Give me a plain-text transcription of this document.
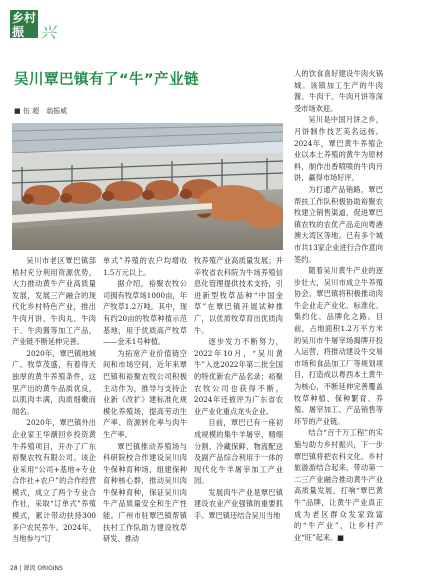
乡村
振 兴
吴川覃巴镇有了“牛”产业链
■ 伍 超　翁振威

吴川市老区覃巴镇部梧村充分利用资源优势，大力推动黄牛产业高质量发展，发展三产融合的现代化乡村特色产业，推出牛肉月饼、牛肉丸、牛肉干、牛肉酱等加工产品，产业链不断延伸完善。

2020年，覃巴镇地域广、牧草茂盛，有着得天独厚的黄牛养殖条件，这里产出的黄牛品质优良，以肌肉丰满，肉质细嫩而闻名。

2020年，覃巴镇外出企业家王华潮回乡投资黄牛养殖项目，开办了广东裕聚农牧有限公司。该企业采用“公司+基地+专业合作社+农户”的合作经营模式，成立了两个专业合作社，采取“订单式”养殖模式，累计带动扶持300多户农民养牛。2024年，当地参与“订

单式”养殖的农户均增收1.5万元以上。

据介绍，裕聚农牧公司拥有牧草场1000亩，年产牧草1.2万吨。其中，现有约20亩的牧草种植示范基地，用于优质高产牧草——金禾1号种植。

为拓宽产业价值链空间和市场空间，近年来覃巴镇和裕聚农牧公司积极主动作为，推导与支持企业新《改扩》建标准化规模化养殖场，提高劳动生产率、资源转化率与肉牛生产率。

覃巴镇推动养殖场与科研院校合作建设吴川肉牛保种育种场，组建保种育种核心群，推动吴川肉牛保种育种，保证吴川肉牛产品质量安全和生产性能。广州市驻覃巴镇帮镇扶村工作队助力建设牧草研发、推动

牧养殖产业高质量发展；并辛牧省农科院为牛场养殖信息化管理提供技术支持，引进新型牧草品种“中国金草”在覃巴镇开展试种推广，以优质牧草育出优质肉牛。

逐步发力不断努力，2022年10月，“吴川黄牛”入选2022年第二批全国的特优新农产品名录；裕聚农牧公司也获得不断，2024年还被评为广东省农业产业化重点龙头企业。

目前，覃巴已有一座初成规模的集牛羊屠宰、精细分割、冷藏保鲜、物流配送及副产品综合利用于一体的现代化牛羊屠宰加工产业园。

发展肉牛产业是覃巴镇建设农业产业强镇的重要抓手。覃巴镇还结合吴川当地

人的饮食喜好建设牛肉火锅城。该镇加工生产的牛肉酱、牛肉干、牛肉月饼等深受市场欢迎。

吴川是中国月饼之乡，月饼制作技艺美名远扬。2024年，覃巴黄牛养殖企业以本土养殖的黄牛为原材料，制作出香喷喷的牛肉月饼，赢得市场好评。

为打通产品销路，覃巴帮扶工作队积极协助裕聚农牧建立销售渠道，促进覃巴镇农牧的农优产品走向粤港澳大湾区等地。已有多个城市共13家企业进行合作意向签约。

随着吴川黄牛产业的逐步壮大，吴川市成立牛养殖协会。覃巴镇将积极推动肉牛企业走产业化、标准化、集约化、品牌化之路。目前，占地面积1.2万平方米的吴川市牛屠宰场揭牌开投入运营，将推动建设牛交易市场和食品加工厂等规划项目，打造成以粤西本土黄牛为核心，不断延伸完善覆盖牧草种植、保种繁育、养殖、屠宰加工、产品销售等环节的产业链。

结合“百千万工程”的实施与助力乡村振兴，下一步覃巴镇将把农科文化、乡村旅游游结合起来，带动第一二三产业融合推动黄牛产业高质量发展，打响“覃巴黄牛”品牌，让黄牛产业真正成为老区群众发家致富的“牛产业”，让乡村产业“旺”起来。■

28 | 源流 ORIGINS
